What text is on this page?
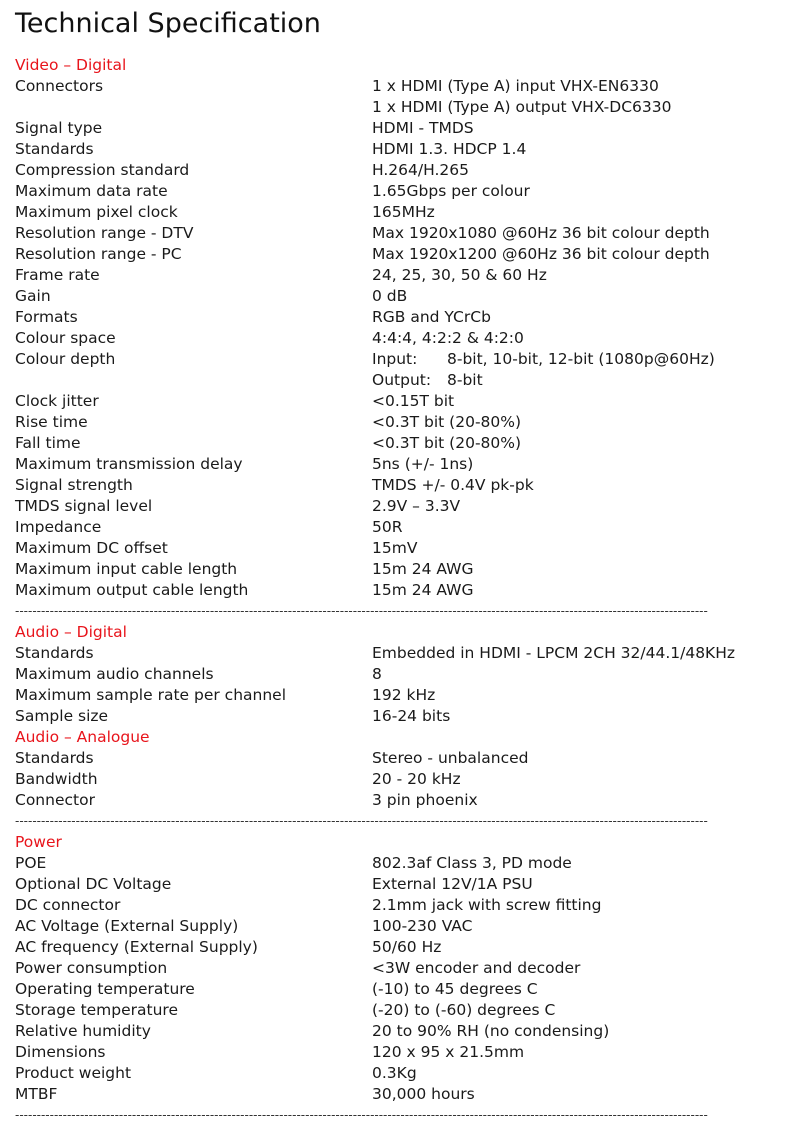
Technical Specification
Video – Digital
Connectors	1 x HDMI (Type A) input VHX-EN6330
1 x HDMI (Type A) output VHX-DC6330
Signal type	HDMI - TMDS
Standards	HDMI 1.3. HDCP 1.4
Compression standard	H.264/H.265
Maximum data rate	1.65Gbps per colour
Maximum pixel clock	165MHz
Resolution range - DTV	Max 1920x1080 @60Hz 36 bit colour depth
Resolution range - PC	Max 1920x1200 @60Hz 36 bit colour depth
Frame rate	24, 25, 30, 50 & 60 Hz
Gain	0 dB
Formats	RGB and YCrCb
Colour space	4:4:4, 4:2:2 & 4:2:0
Colour depth	Input: 8-bit, 10-bit, 12-bit (1080p@60Hz)
Output: 8-bit
Clock jitter	<0.15T bit
Rise time	<0.3T bit (20-80%)
Fall time	<0.3T bit (20-80%)
Maximum transmission delay	5ns (+/- 1ns)
Signal strength	TMDS +/- 0.4V pk-pk
TMDS signal level	2.9V – 3.3V
Impedance	50R
Maximum DC offset	15mV
Maximum input cable length	15m 24 AWG
Maximum output cable length	15m 24 AWG
----------------------------------------------------------------------------------------------------------------------------------------------------------------
Audio – Digital
Standards	Embedded in HDMI - LPCM 2CH 32/44.1/48KHz
Maximum audio channels	8
Maximum sample rate per channel	192 kHz
Sample size	16-24 bits
Audio – Analogue
Standards	Stereo - unbalanced
Bandwidth	20 - 20 kHz
Connector	3 pin phoenix
----------------------------------------------------------------------------------------------------------------------------------------------------------------
Power
POE	802.3af Class 3, PD mode
Optional DC Voltage	External 12V/1A PSU
DC connector	2.1mm jack with screw fitting
AC Voltage (External Supply)	100-230 VAC
AC frequency (External Supply)	50/60 Hz
Power consumption	<3W encoder and decoder
Operating temperature	(-10) to 45 degrees C
Storage temperature	(-20) to (-60) degrees C
Relative humidity	20 to 90% RH (no condensing)
Dimensions	120 x 95 x 21.5mm
Product weight	0.3Kg
MTBF	30,000 hours
----------------------------------------------------------------------------------------------------------------------------------------------------------------
